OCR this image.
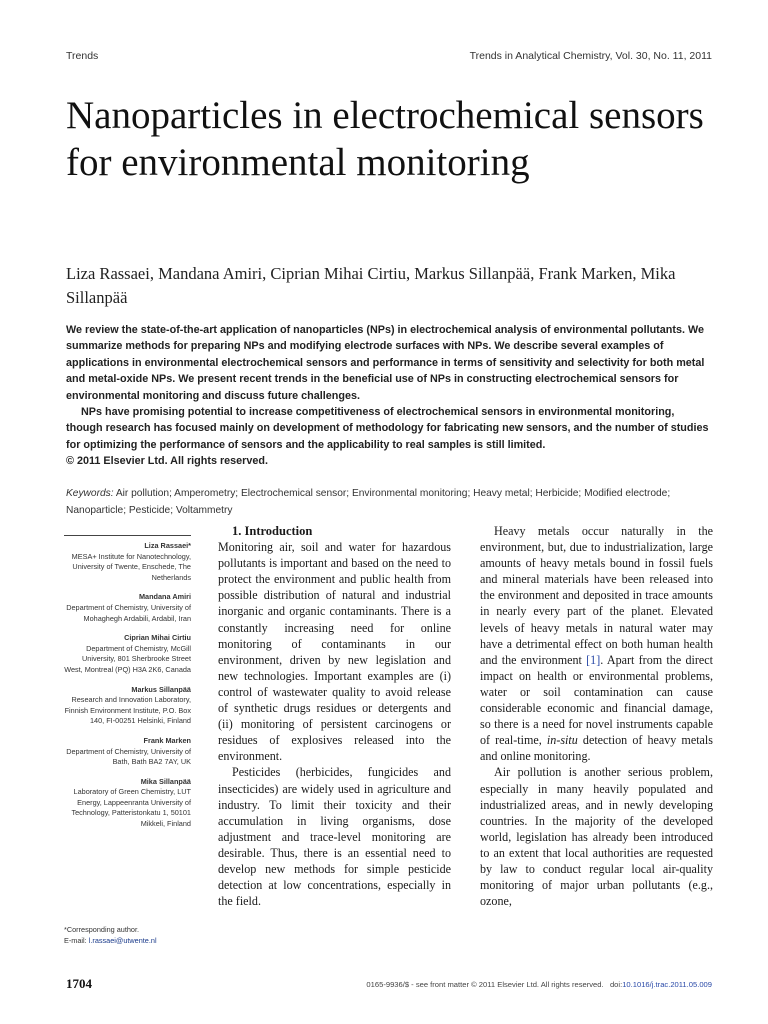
Trends	Trends in Analytical Chemistry, Vol. 30, No. 11, 2011
Nanoparticles in electrochemical sensors for environmental monitoring
Liza Rassaei, Mandana Amiri, Ciprian Mihai Cirtiu, Markus Sillanpää, Frank Marken, Mika Sillanpää

We review the state-of-the-art application of nanoparticles (NPs) in electrochemical analysis of environmental pollutants. We summarize methods for preparing NPs and modifying electrode surfaces with NPs. We describe several examples of applications in environmental electrochemical sensors and performance in terms of sensitivity and selectivity for both metal and metal-oxide NPs. We present recent trends in the beneficial use of NPs in constructing electrochemical sensors for environmental monitoring and discuss future challenges.

NPs have promising potential to increase competitiveness of electrochemical sensors in environmental monitoring, though research has focused mainly on development of methodology for fabricating new sensors, and the number of studies for optimizing the performance of sensors and the applicability to real samples is still limited.

© 2011 Elsevier Ltd. All rights reserved.

Keywords: Air pollution; Amperometry; Electrochemical sensor; Environmental monitoring; Heavy metal; Herbicide; Modified electrode; Nanoparticle; Pesticide; Voltammetry
Liza Rassaei*
MESA+ Institute for Nanotechnology, University of Twente, Enschede, The Netherlands
Mandana Amiri
Department of Chemistry, University of Mohaghegh Ardabili, Ardabil, Iran
Ciprian Mihai Cirtiu
Department of Chemistry, McGill University, 801 Sherbrooke Street West, Montreal (PQ) H3A 2K6, Canada
Markus Sillanpää
Research and Innovation Laboratory, Finnish Environment Institute, P.O. Box 140, FI-00251 Helsinki, Finland
Frank Marken
Department of Chemistry, University of Bath, Bath BA2 7AY, UK
Mika Sillanpää
Laboratory of Green Chemistry, LUT Energy, Lappeenranta University of Technology, Patteristonkatu 1, 50101 Mikkeli, Finland
*Corresponding author.
E-mail: l.rassaei@utwente.nl

1. Introduction

Monitoring air, soil and water for hazardous pollutants is important and based on the need to protect the environment and public health from possible distribution of natural and industrial inorganic and organic contaminants. There is a constantly increasing need for online monitoring of contaminants in our environment, driven by new legislation and new technologies. Important examples are (i) control of wastewater quality to avoid release of synthetic drugs residues or detergents and (ii) monitoring of persistent carcinogens or residues of explosives released into the environment.

Pesticides (herbicides, fungicides and insecticides) are widely used in agriculture and industry. To limit their toxicity and their accumulation in living organisms, dose adjustment and trace-level monitoring are desirable. Thus, there is an essential need to develop new methods for simple pesticide detection at low concentrations, especially in the field.

Heavy metals occur naturally in the environment, but, due to industrialization, large amounts of heavy metals bound in fossil fuels and mineral materials have been released into the environment and deposited in trace amounts in nearly every part of the planet. Elevated levels of heavy metals in natural water may have a detrimental effect on both human health and the environment [1]. Apart from the direct impact on health or environmental problems, water or soil contamination can cause considerable economic and financial damage, so there is a need for novel instruments capable of real-time, in-situ detection of heavy metals and online monitoring.

Air pollution is another serious problem, especially in many heavily populated and industrialized areas, and in newly developing countries. In the majority of the developed world, legislation has already been introduced to an extent that local authorities are requested by law to conduct regular local air-quality monitoring of major urban pollutants (e.g., ozone,

1704	0165-9936/$ - see front matter © 2011 Elsevier Ltd. All rights reserved. doi:10.1016/j.trac.2011.05.009
